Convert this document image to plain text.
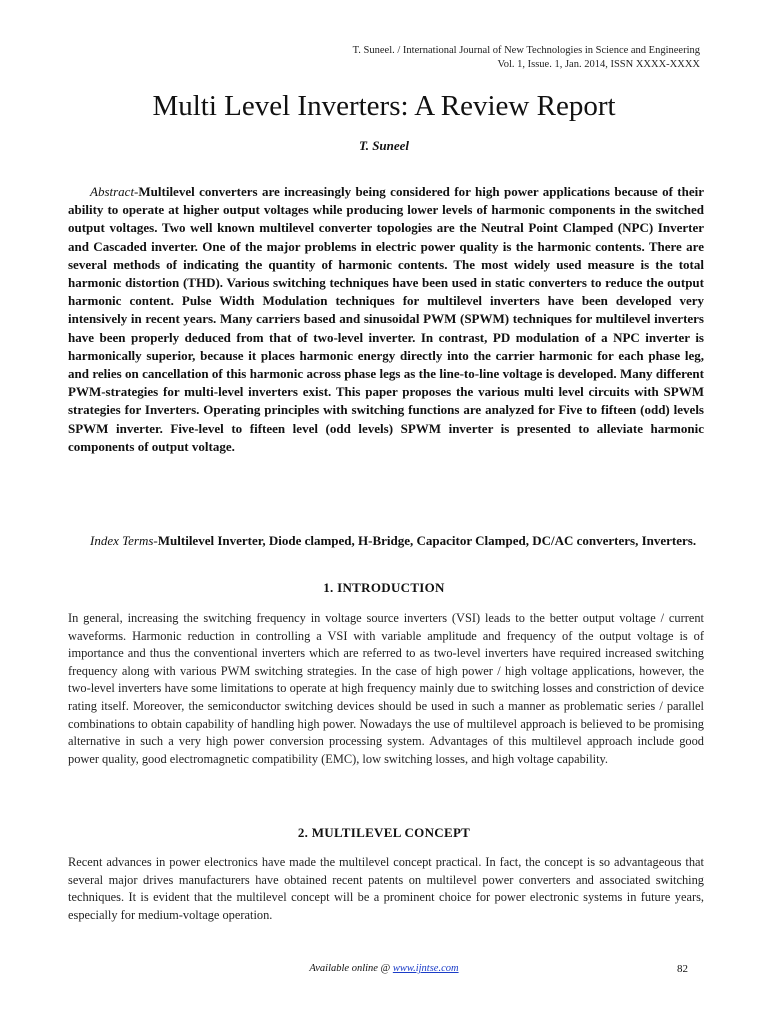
T. Suneel. / International Journal of New Technologies in Science and Engineering
Vol. 1, Issue. 1, Jan. 2014, ISSN XXXX-XXXX
Multi Level Inverters: A Review Report
T. Suneel

Abstract-Multilevel converters are increasingly being considered for high power applications because of their ability to operate at higher output voltages while producing lower levels of harmonic components in the switched output voltages. Two well known multilevel converter topologies are the Neutral Point Clamped (NPC) Inverter and Cascaded inverter. One of the major problems in electric power quality is the harmonic contents. There are several methods of indicating the quantity of harmonic contents. The most widely used measure is the total harmonic distortion (THD). Various switching techniques have been used in static converters to reduce the output harmonic content. Pulse Width Modulation techniques for multilevel inverters have been developed very intensively in recent years. Many carriers based and sinusoidal PWM (SPWM) techniques for multilevel inverters have been properly deduced from that of two-level inverter. In contrast, PD modulation of a NPC inverter is harmonically superior, because it places harmonic energy directly into the carrier harmonic for each phase leg, and relies on cancellation of this harmonic across phase legs as the line-to-line voltage is developed. Many different PWM-strategies for multi-level inverters exist. This paper proposes the various multi level circuits with SPWM strategies for Inverters. Operating principles with switching functions are analyzed for Five to fifteen (odd) levels SPWM inverter. Five-level to fifteen level (odd levels) SPWM inverter is presented to alleviate harmonic components of output voltage.

Index Terms-Multilevel Inverter, Diode clamped, H-Bridge, Capacitor Clamped, DC/AC converters, Inverters.

1. INTRODUCTION

In general, increasing the switching frequency in voltage source inverters (VSI) leads to the better output voltage / current waveforms. Harmonic reduction in controlling a VSI with variable amplitude and frequency of the output voltage is of importance and thus the conventional inverters which are referred to as two-level inverters have required increased switching frequency along with various PWM switching strategies. In the case of high power / high voltage applications, however, the two-level inverters have some limitations to operate at high frequency mainly due to switching losses and constriction of device rating itself. Moreover, the semiconductor switching devices should be used in such a manner as problematic series / parallel combinations to obtain capability of handling high power. Nowadays the use of multilevel approach is believed to be promising alternative in such a very high power conversion processing system. Advantages of this multilevel approach include good power quality, good electromagnetic compatibility (EMC), low switching losses, and high voltage capability.

2. MULTILEVEL CONCEPT

Recent advances in power electronics have made the multilevel concept practical. In fact, the concept is so advantageous that several major drives manufacturers have obtained recent patents on multilevel power converters and associated switching techniques. It is evident that the multilevel concept will be a prominent choice for power electronic systems in future years, especially for medium-voltage operation.

Available online @ www.ijntse.com	82
